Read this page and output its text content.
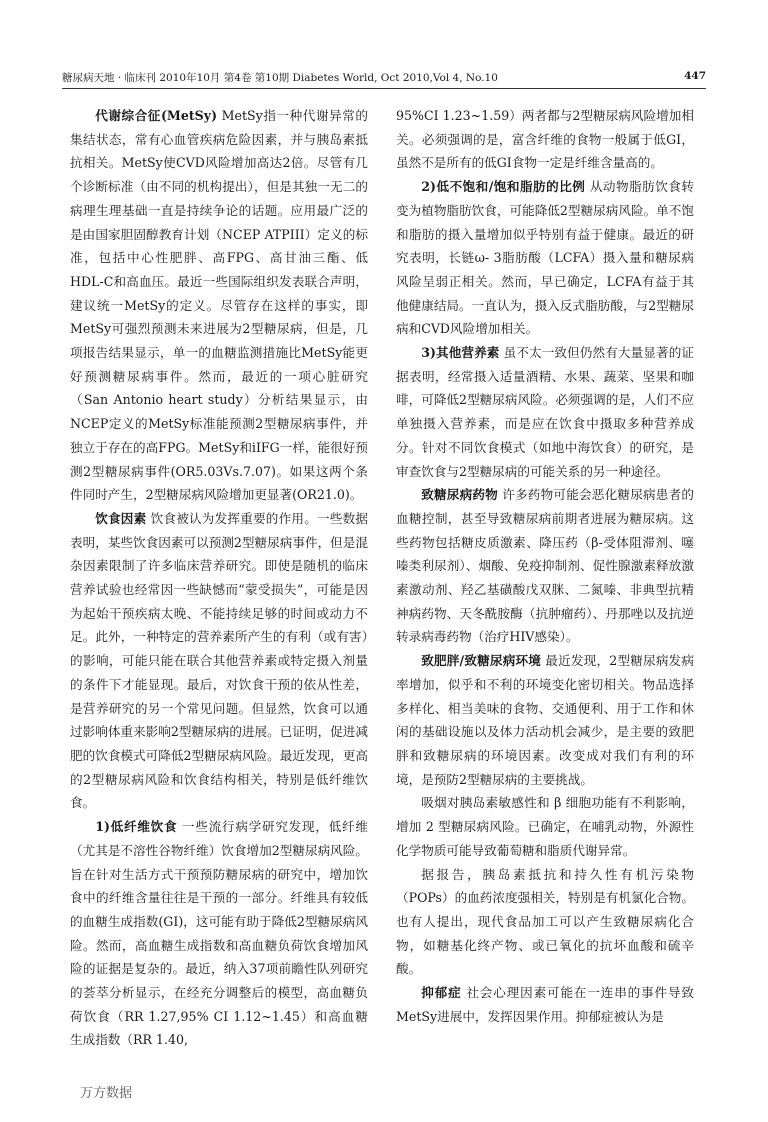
糖尿病天地 · 临床刊 2010年10月 第4卷 第10期 Diabetes World, Oct 2010,Vol 4, No.10	447

代谢综合征(MetSy) MetSy指一种代谢异常的集结状态，常有心血管疾病危险因素，并与胰岛素抵抗相关。MetSy使CVD风险增加高达2倍。尽管有几个诊断标准（由不同的机构提出），但是其独一无二的病理生理基础一直是持续争论的话题。应用最广泛的是由国家胆固醇教育计划（NCEP ATPIII）定义的标准，包括中心性肥胖、高FPG、高甘油三酯、低HDL-C和高血压。最近一些国际组织发表联合声明，建议统一MetSy的定义。尽管存在这样的事实，即MetSy可强烈预测未来进展为2型糖尿病，但是，几项报告结果显示，单一的血糖监测措施比MetSy能更好预测糖尿病事件。然而，最近的一项心脏研究（San Antonio heart study）分析结果显示，由NCEP定义的MetSy标准能预测2型糖尿病事件，并独立于存在的高FPG。MetSy和iIFG一样，能很好预测2型糖尿病事件(OR5.03Vs.7.07)。如果这两个条件同时产生，2型糖尿病风险增加更显著(OR21.0)。

饮食因素 饮食被认为发挥重要的作用。一些数据表明，某些饮食因素可以预测2型糖尿病事件，但是混杂因素限制了许多临床营养研究。即使是随机的临床营养试验也经常因一些缺憾而“蒙受损失”，可能是因为起始干预疾病太晚、不能持续足够的时间或动力不足。此外，一种特定的营养素所产生的有利（或有害）的影响，可能只能在联合其他营养素或特定摄入剂量的条件下才能显现。最后，对饮食干预的依从性差，是营养研究的另一个常见问题。但显然，饮食可以通过影响体重来影响2型糖尿病的进展。已证明，促进减肥的饮食模式可降低2型糖尿病风险。最近发现，更高的2型糖尿病风险和饮食结构相关，特别是低纤维饮食。

1)低纤维饮食 一些流行病学研究发现，低纤维（尤其是不溶性谷物纤维）饮食增加2型糖尿病风险。旨在针对生活方式干预预防糖尿病的研究中，增加饮食中的纤维含量往往是干预的一部分。纤维具有较低的血糖生成指数(GI)，这可能有助于降低2型糖尿病风险。然而，高血糖生成指数和高血糖负荷饮食增加风险的证据是复杂的。最近，纳入37项前瞻性队列研究的荟萃分析显示，在经充分调整后的模型，高血糖负荷饮食（RR 1.27,95% CI 1.12~1.45）和高血糖生成指数（RR 1.40,

95%CI 1.23~1.59）两者都与2型糖尿病风险增加相关。必须强调的是，富含纤维的食物一般属于低GI，虽然不是所有的低GI食物一定是纤维含量高的。

2)低不饱和/饱和脂肪的比例 从动物脂肪饮食转变为植物脂肪饮食，可能降低2型糖尿病风险。单不饱和脂肪的摄入量增加似乎特别有益于健康。最近的研究表明，长链ω- 3脂肪酸（LCFA）摄入量和糖尿病风险呈弱正相关。然而，早已确定，LCFA有益于其他健康结局。一直认为，摄入反式脂肪酸，与2型糖尿病和CVD风险增加相关。

3)其他营养素 虽不太一致但仍然有大量显著的证据表明，经常摄入适量酒精、水果、蔬菜、坚果和咖啡，可降低2型糖尿病风险。必须强调的是，人们不应单独摄入营养素，而是应在饮食中摄取多种营养成分。针对不同饮食模式（如地中海饮食）的研究，是审查饮食与2型糖尿病的可能关系的另一种途径。

致糖尿病药物 许多药物可能会恶化糖尿病患者的血糖控制，甚至导致糖尿病前期者进展为糖尿病。这些药物包括糖皮质激素、降压药（β-受体阻滞剂、噻嗪类利尿剂）、烟酸、免疫抑制剂、促性腺激素释放激素激动剂、羟乙基磺酸戊双脒、二氮嗪、非典型抗精神病药物、天冬酰胺酶（抗肿瘤药）、丹那唑以及抗逆转录病毒药物（治疗HIV感染）。

致肥胖/致糖尿病环境 最近发现，2型糖尿病发病率增加，似乎和不利的环境变化密切相关。物品选择多样化、相当美味的食物、交通便利、用于工作和休闲的基础设施以及体力活动机会减少，是主要的致肥胖和致糖尿病的环境因素。改变成对我们有利的环境，是预防2型糖尿病的主要挑战。

吸烟对胰岛素敏感性和 β 细胞功能有不利影响，增加 2 型糖尿病风险。已确定，在哺乳动物，外源性化学物质可能导致葡萄糖和脂质代谢异常。

据报告，胰岛素抵抗和持久性有机污染物（POPs）的血药浓度强相关，特别是有机氯化合物。也有人提出，现代食品加工可以产生致糖尿病化合物，如糖基化终产物、或已氧化的抗坏血酸和硫辛酸。

抑郁症 社会心理因素可能在一连串的事件导致MetSy进展中，发挥因果作用。抑郁症被认为是

万方数据
